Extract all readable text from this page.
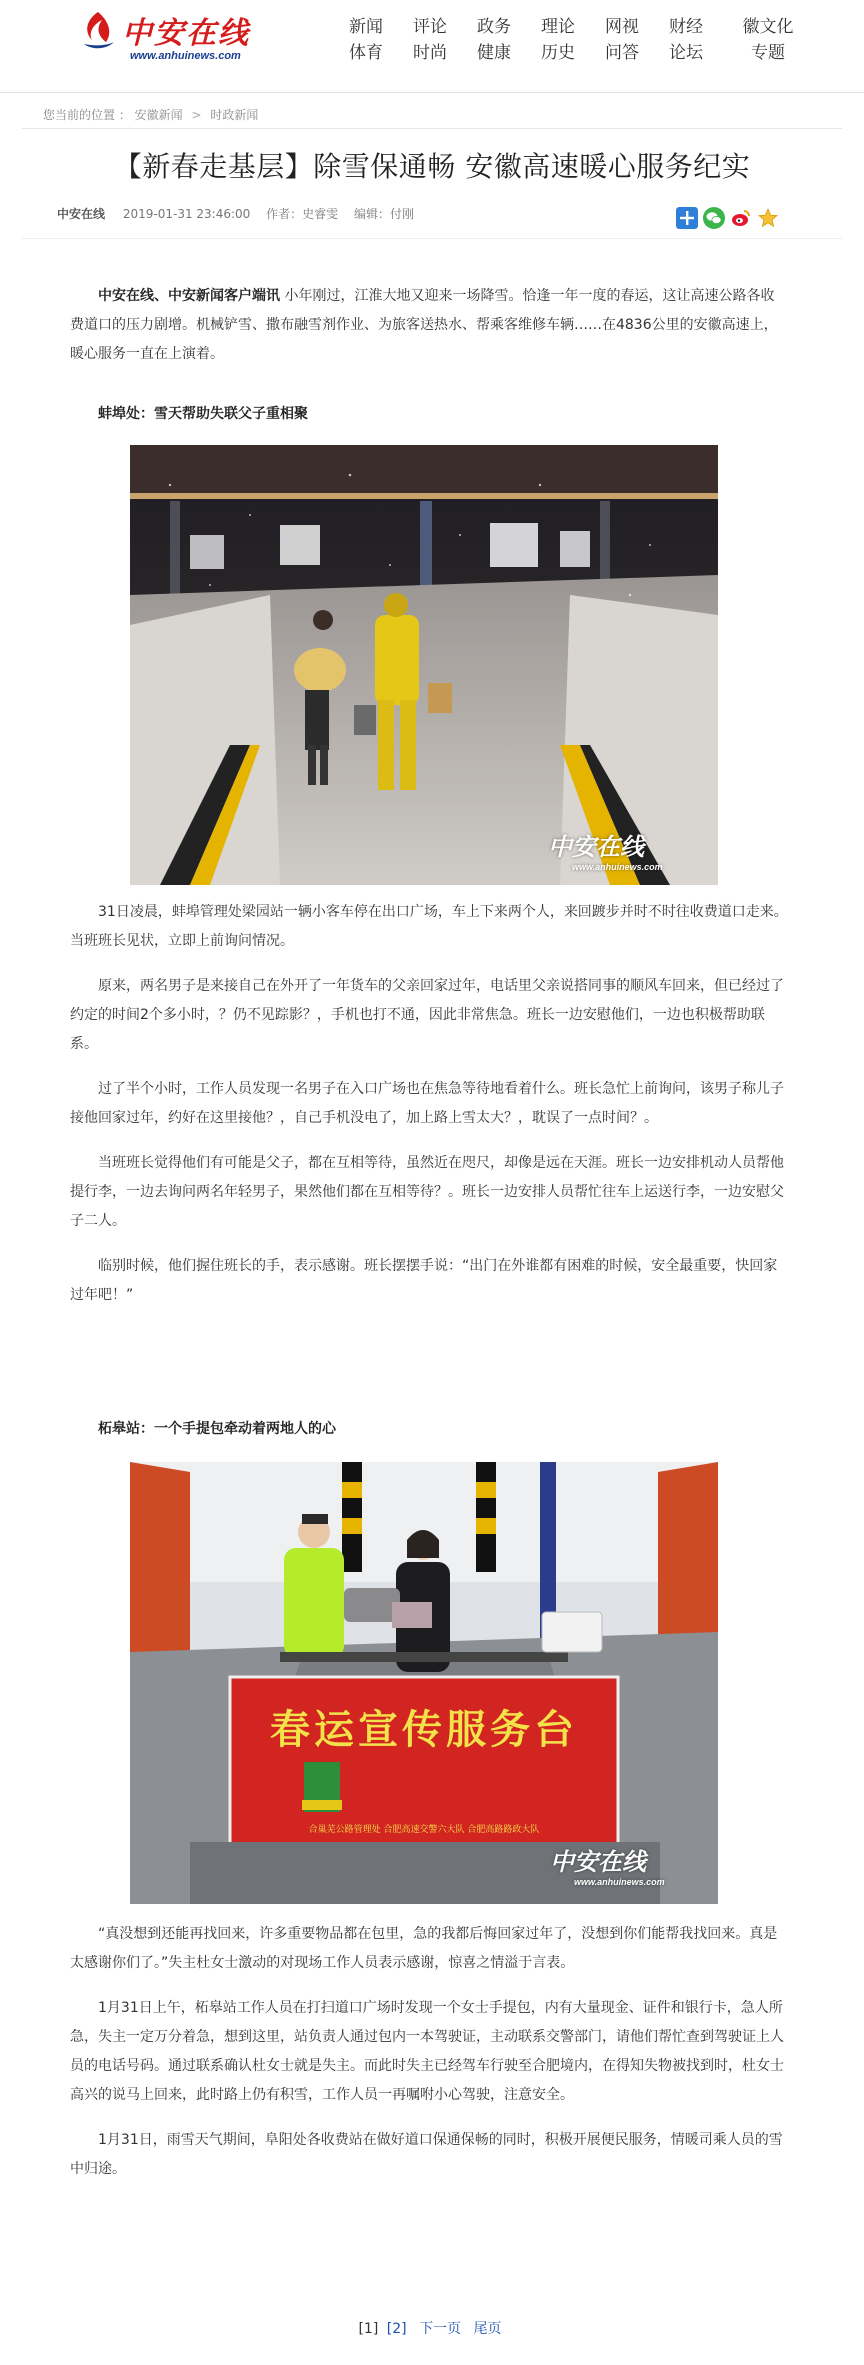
中安在线
www.anhuinews.com
新闻
体育
评论
时尚
政务
健康
理论
历史
网视
问答
财经
论坛
徽文化
专题
您当前的位置 ： 安徽新闻 > 时政新闻
【新春走基层】除雪保通畅 安徽高速暖心服务纪实
中安在线 2019-01-31 23:46:00 作者：史睿雯 编辑：付刚

中安在线、中安新闻客户端讯 小年刚过，江淮大地又迎来一场降雪。恰逢一年一度的春运，这让高速公路各收费道口的压力剧增。机械铲雪、撒布融雪剂作业、为旅客送热水、帮乘客维修车辆……在4836公里的安徽高速上，暖心服务一直在上演着。

蚌埠处：雪天帮助失联父子重相聚

中安在线
www.anhuinews.com

31日凌晨，蚌埠管理处梁园站一辆小客车停在出口广场，车上下来两个人，来回踱步并时不时往收费道口走来。当班班长见状，立即上前询问情况。

原来，两名男子是来接自己在外开了一年货车的父亲回家过年，电话里父亲说搭同事的顺风车回来，但已经过了约定的时间2个多小时，？仍不见踪影？，手机也打不通，因此非常焦急。班长一边安慰他们，一边也积极帮助联系。

过了半个小时，工作人员发现一名男子在入口广场也在焦急等待地看着什么。班长急忙上前询问，该男子称儿子接他回家过年，约好在这里接他？，自己手机没电了，加上路上雪太大？，耽误了一点时间？。

当班班长觉得他们有可能是父子，都在互相等待，虽然近在咫尺，却像是远在天涯。班长一边安排机动人员帮他提行李，一边去询问两名年轻男子，果然他们都在互相等待？。班长一边安排人员帮忙往车上运送行李，一边安慰父子二人。

临别时候，他们握住班长的手，表示感谢。班长摆摆手说：“出门在外谁都有困难的时候，安全最重要，快回家过年吧！”

柘皋站：一个手提包牵动着两地人的心

春运宣传服务台
合巢芜公路管理处 合肥高速交警六大队 合肥高路路政大队
中安在线
www.anhuinews.com

“真没想到还能再找回来，许多重要物品都在包里，急的我都后悔回家过年了，没想到你们能帮我找回来。真是太感谢你们了。”失主杜女士激动的对现场工作人员表示感谢，惊喜之情溢于言表。

1月31日上午，柘皋站工作人员在打扫道口广场时发现一个女士手提包，内有大量现金、证件和银行卡，急人所急，失主一定万分着急，想到这里，站负责人通过包内一本驾驶证，主动联系交警部门，请他们帮忙查到驾驶证上人员的电话号码。通过联系确认杜女士就是失主。而此时失主已经驾车行驶至合肥境内，在得知失物被找到时，杜女士高兴的说马上回来，此时路上仍有积雪，工作人员一再嘱咐小心驾驶，注意安全。

1月31日，雨雪天气期间，阜阳处各收费站在做好道口保通保畅的同时，积极开展便民服务，情暖司乘人员的雪中归途。

[1] [2] 下一页 尾页
